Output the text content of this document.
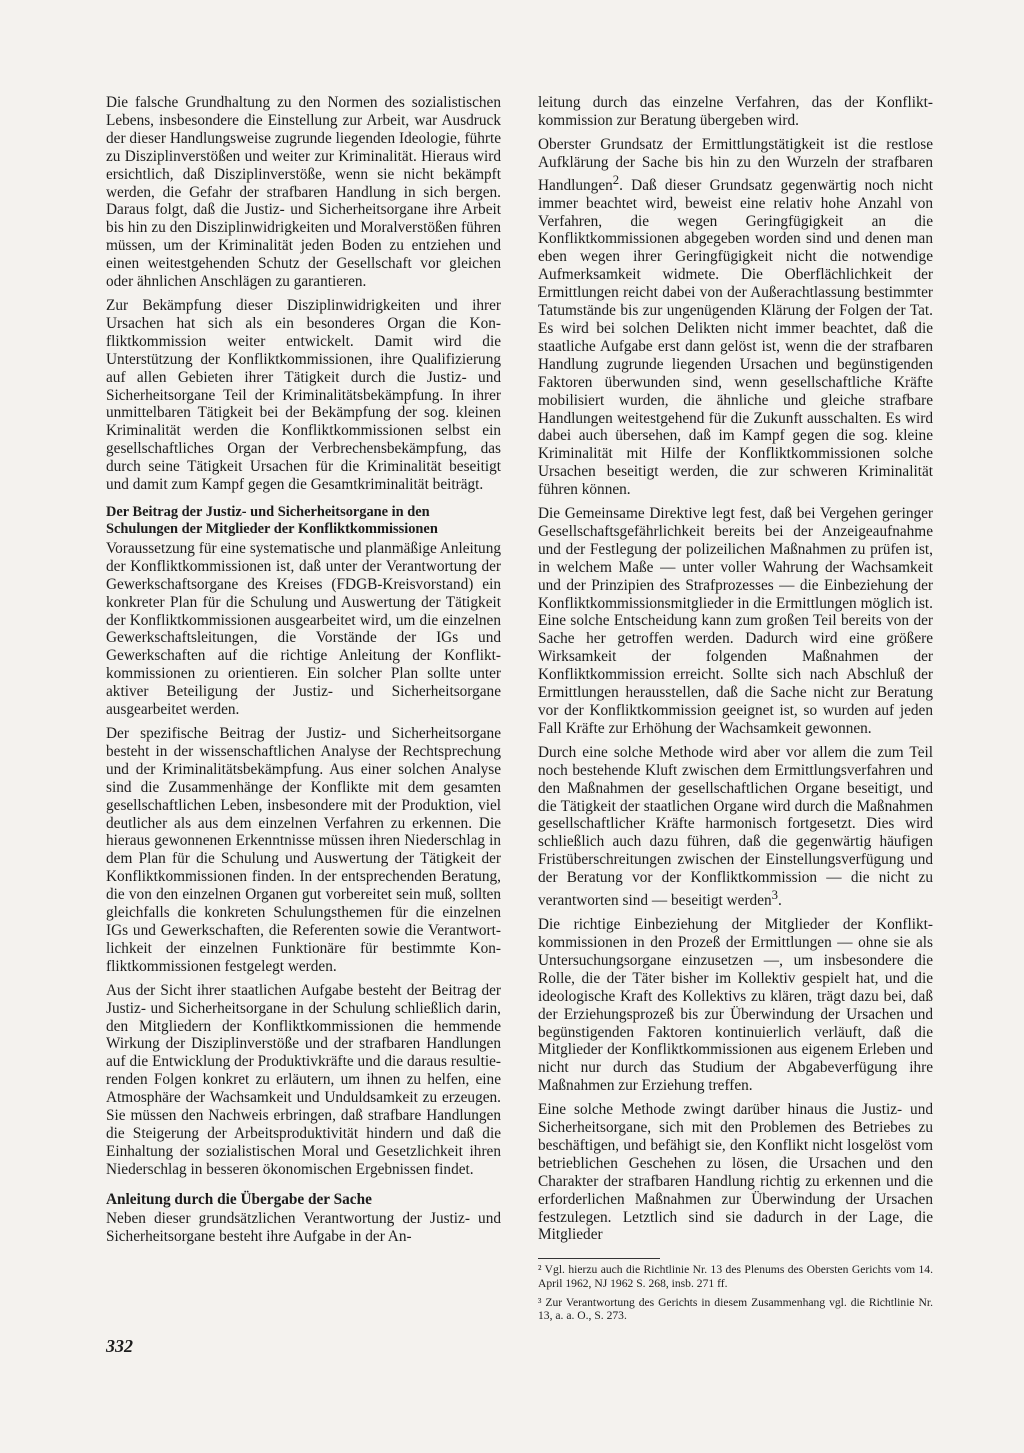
Die falsche Grundhaltung zu den Normen des sozialistischen Lebens, insbesondere die Einstellung zur Arbeit, war Ausdruck der dieser Handlungsweise zugrunde liegenden Ideologie, führte zu Disziplinverstößen und weiter zur Kriminalität. Hieraus wird ersichtlich, daß Disziplinverstöße, wenn sie nicht bekämpft werden, die Gefahr der strafbaren Handlung in sich bergen. Daraus folgt, daß die Justiz- und Sicherheitsorgane ihre Arbeit bis hin zu den Disziplinwidrigkeiten und Moralverstößen führen müssen, um der Kriminalität jeden Boden zu entziehen und einen weitestgehenden Schutz der Gesellschaft vor gleichen oder ähnlichen Anschlägen zu garantieren.

Zur Bekämpfung dieser Disziplinwidrigkeiten und ihrer Ursachen hat sich als ein besonderes Organ die Konfliktkommission weiter entwickelt. Damit wird die Unterstützung der Konfliktkommissionen, ihre Qualifizierung auf allen Gebieten ihrer Tätigkeit durch die Justiz- und Sicherheitsorgane Teil der Kriminalitätsbekämpfung. In ihrer unmittelbaren Tätigkeit bei der Bekämpfung der sog. kleinen Kriminalität werden die Konfliktkommissionen selbst ein gesellschaftliches Organ der Verbrechensbekämpfung, das durch seine Tätigkeit Ursachen für die Kriminalität beseitigt und damit zum Kampf gegen die Gesamtkriminalität beiträgt.

Der Beitrag der Justiz- und Sicherheitsorgane in den Schulungen der Mitglieder der Konfliktkommissionen

Voraussetzung für eine systematische und planmäßige Anleitung der Konfliktkommissionen ist, daß unter der Verantwortung der Gewerkschaftsorgane des Kreises (FDGB-Kreisvorstand) ein konkreter Plan für die Schulung und Auswertung der Tätigkeit der Konfliktkommissionen ausgearbeitet wird, um die einzelnen Gewerkschaftsleitungen, die Vorstände der IGs und Gewerkschaften auf die richtige Anleitung der Konfliktkommissionen zu orientieren. Ein solcher Plan sollte unter aktiver Beteiligung der Justiz- und Sicherheitsorgane ausgearbeitet werden.

Der spezifische Beitrag der Justiz- und Sicherheitsorgane besteht in der wissenschaftlichen Analyse der Rechtsprechung und der Kriminalitätsbekämpfung. Aus einer solchen Analyse sind die Zusammenhänge der Konflikte mit dem gesamten gesellschaftlichen Leben, insbesondere mit der Produktion, viel deutlicher als aus dem einzelnen Verfahren zu erkennen. Die hieraus gewonnenen Erkenntnisse müssen ihren Niederschlag in dem Plan für die Schulung und Auswertung der Tätigkeit der Konfliktkommissionen finden. In der entsprechenden Beratung, die von den einzelnen Organen gut vorbereitet sein muß, sollten gleichfalls die konkreten Schulungsthemen für die einzelnen IGs und Gewerkschaften, die Referenten sowie die Verantwortlichkeit der einzelnen Funktionäre für bestimmte Konfliktkommissionen festgelegt werden.

Aus der Sicht ihrer staatlichen Aufgabe besteht der Beitrag der Justiz- und Sicherheitsorgane in der Schulung schließlich darin, den Mitgliedern der Konfliktkommissionen die hemmende Wirkung der Disziplinverstöße und der strafbaren Handlungen auf die Entwicklung der Produktivkräfte und die daraus resultierenden Folgen konkret zu erläutern, um ihnen zu helfen, eine Atmosphäre der Wachsamkeit und Unduldsamkeit zu erzeugen. Sie müssen den Nachweis erbringen, daß strafbare Handlungen die Steigerung der Arbeitsproduktivität hindern und daß die Einhaltung der sozialistischen Moral und Gesetzlichkeit ihren Niederschlag in besseren ökonomischen Ergebnissen findet.

Anleitung durch die Übergabe der Sache

Neben dieser grundsätzlichen Verantwortung der Justiz- und Sicherheitsorgane besteht ihre Aufgabe in der An-

leitung durch das einzelne Verfahren, das der Konfliktkommission zur Beratung übergeben wird.

Oberster Grundsatz der Ermittlungstätigkeit ist die restlose Aufklärung der Sache bis hin zu den Wurzeln der strafbaren Handlungen$^2$. Daß dieser Grundsatz gegenwärtig noch nicht immer beachtet wird, beweist eine relativ hohe Anzahl von Verfahren, die wegen Geringfügigkeit an die Konfliktkommissionen abgegeben worden sind und denen man eben wegen ihrer Geringfügigkeit nicht die notwendige Aufmerksamkeit widmete. Die Oberflächlichkeit der Ermittlungen reicht dabei von der Außerachtlassung bestimmter Tatumstände bis zur ungenügenden Klärung der Folgen der Tat. Es wird bei solchen Delikten nicht immer beachtet, daß die staatliche Aufgabe erst dann gelöst ist, wenn die der strafbaren Handlung zugrunde liegenden Ursachen und begünstigenden Faktoren überwunden sind, wenn gesellschaftliche Kräfte mobilisiert wurden, die ähnliche und gleiche strafbare Handlungen weitestgehend für die Zukunft ausschalten. Es wird dabei auch übersehen, daß im Kampf gegen die sog. kleine Kriminalität mit Hilfe der Konfliktkommissionen solche Ursachen beseitigt werden, die zur schweren Kriminalität führen können.

Die Gemeinsame Direktive legt fest, daß bei Vergehen geringer Gesellschaftsgefährlichkeit bereits bei der Anzeigeaufnahme und der Festlegung der polizeilichen Maßnahmen zu prüfen ist, in welchem Maße — unter voller Wahrung der Wachsamkeit und der Prinzipien des Strafprozesses — die Einbeziehung der Konfliktkommissionsmitglieder in die Ermittlungen möglich ist. Eine solche Entscheidung kann zum großen Teil bereits von der Sache her getroffen werden. Dadurch wird eine größere Wirksamkeit der folgenden Maßnahmen der Konfliktkommission erreicht. Sollte sich nach Abschluß der Ermittlungen herausstellen, daß die Sache nicht zur Beratung vor der Konfliktkommission geeignet ist, so wurden auf jeden Fall Kräfte zur Erhöhung der Wachsamkeit gewonnen.

Durch eine solche Methode wird aber vor allem die zum Teil noch bestehende Kluft zwischen dem Ermittlungsverfahren und den Maßnahmen der gesellschaftlichen Organe beseitigt, und die Tätigkeit der staatlichen Organe wird durch die Maßnahmen gesellschaftlicher Kräfte harmonisch fortgesetzt. Dies wird schließlich auch dazu führen, daß die gegenwärtig häufigen Fristüberschreitungen zwischen der Einstellungsverfügung und der Beratung vor der Konfliktkommission — die nicht zu verantworten sind — beseitigt werden$^3$.

Die richtige Einbeziehung der Mitglieder der Konfliktkommissionen in den Prozeß der Ermittlungen — ohne sie als Untersuchungsorgane einzusetzen —, um insbesondere die Rolle, die der Täter bisher im Kollektiv gespielt hat, und die ideologische Kraft des Kollektivs zu klären, trägt dazu bei, daß der Erziehungsprozeß bis zur Überwindung der Ursachen und begünstigenden Faktoren kontinuierlich verläuft, daß die Mitglieder der Konfliktkommissionen aus eigenem Erleben und nicht nur durch das Studium der Abgabeverfügung ihre Maßnahmen zur Erziehung treffen.

Eine solche Methode zwingt darüber hinaus die Justiz- und Sicherheitsorgane, sich mit den Problemen des Betriebes zu beschäftigen, und befähigt sie, den Konflikt nicht losgelöst vom betrieblichen Geschehen zu lösen, die Ursachen und den Charakter der strafbaren Handlung richtig zu erkennen und die erforderlichen Maßnahmen zur Überwindung der Ursachen festzulegen. Letztlich sind sie dadurch in der Lage, die Mitglieder

² Vgl. hierzu auch die Richtlinie Nr. 13 des Plenums des Obersten Gerichts vom 14. April 1962, NJ 1962 S. 268, insb. 271 ff.

³ Zur Verantwortung des Gerichts in diesem Zusammenhang vgl. die Richtlinie Nr. 13, a. a. O., S. 273.

332
